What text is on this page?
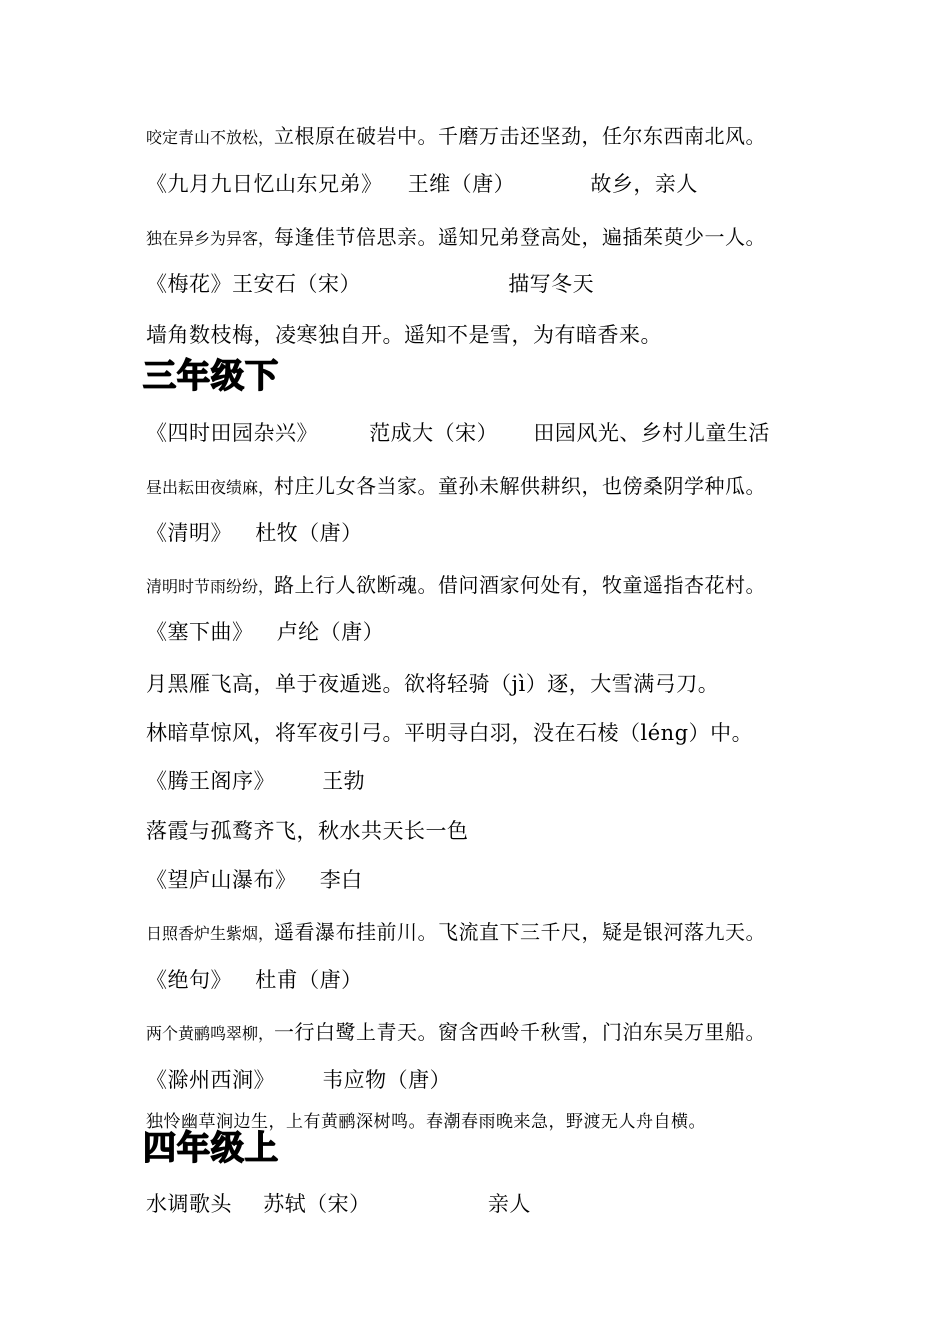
咬定青山不放松，立根原在破岩中。千磨万击还坚劲，任尔东西南北风。
《九月九日忆山东兄弟》 王维（唐）	故乡，亲人
独在异乡为异客，每逢佳节倍思亲。遥知兄弟登高处，遍插茱萸少一人。
《梅花》王安石（宋）	描写冬天
墙角数枝梅，凌寒独自开。遥知不是雪，为有暗香来。
三年级下
《四时田园杂兴》 范成大（宋） 田园风光、乡村儿童生活
昼出耘田夜绩麻，村庄儿女各当家。童孙未解供耕织，也傍桑阴学种瓜。
《清明》 杜牧（唐）
清明时节雨纷纷，路上行人欲断魂。借问酒家何处有，牧童遥指杏花村。
《塞下曲》 卢纶（唐）
月黑雁飞高，单于夜遁逃。欲将轻骑（jì）逐，大雪满弓刀。
林暗草惊风，将军夜引弓。平明寻白羽，没在石棱（léng）中。
《腾王阁序》 王勃
落霞与孤鹜齐飞，秋水共天长一色
《望庐山瀑布》 李白
日照香炉生紫烟，遥看瀑布挂前川。飞流直下三千尺，疑是银河落九天。
《绝句》 杜甫（唐）
两个黄鹂鸣翠柳，一行白鹭上青天。窗含西岭千秋雪，门泊东吴万里船。
《滁州西涧》 韦应物（唐）
独怜幽草涧边生，上有黄鹂深树鸣。春潮春雨晚来急，野渡无人舟自横。
四年级上
水调歌头 苏轼（宋）	亲人
